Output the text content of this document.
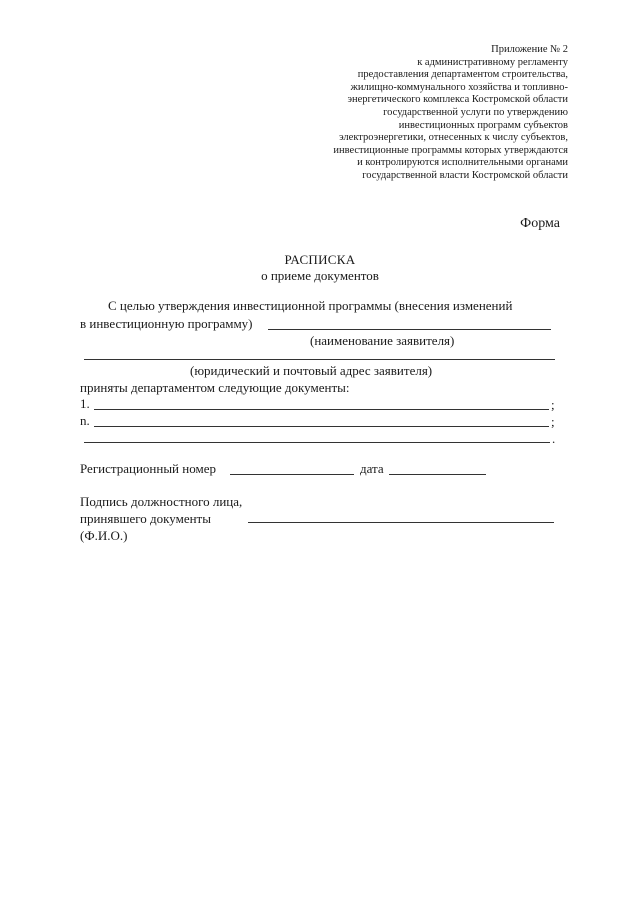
Приложение № 2
к административному регламенту
предоставления департаментом строительства,
жилищно-коммунального хозяйства и топливно-
энергетического комплекса Костромской области
государственной услуги по утверждению
инвестиционных программ субъектов
электроэнергетики, отнесенных к числу субъектов,
инвестиционные программы которых утверждаются
и контролируются исполнительными органами
государственной власти Костромской области
Форма
РАСПИСКА
о приеме документов
С целью утверждения инвестиционной программы (внесения изменений
в инвестиционную программу)
(наименование заявителя)
(юридический и почтовый адрес заявителя)
приняты департаментом следующие документы:
1.	;
n.	;
.
Регистрационный номер	дата
Подпись должностного лица,
принявшего документы
(Ф.И.О.)
